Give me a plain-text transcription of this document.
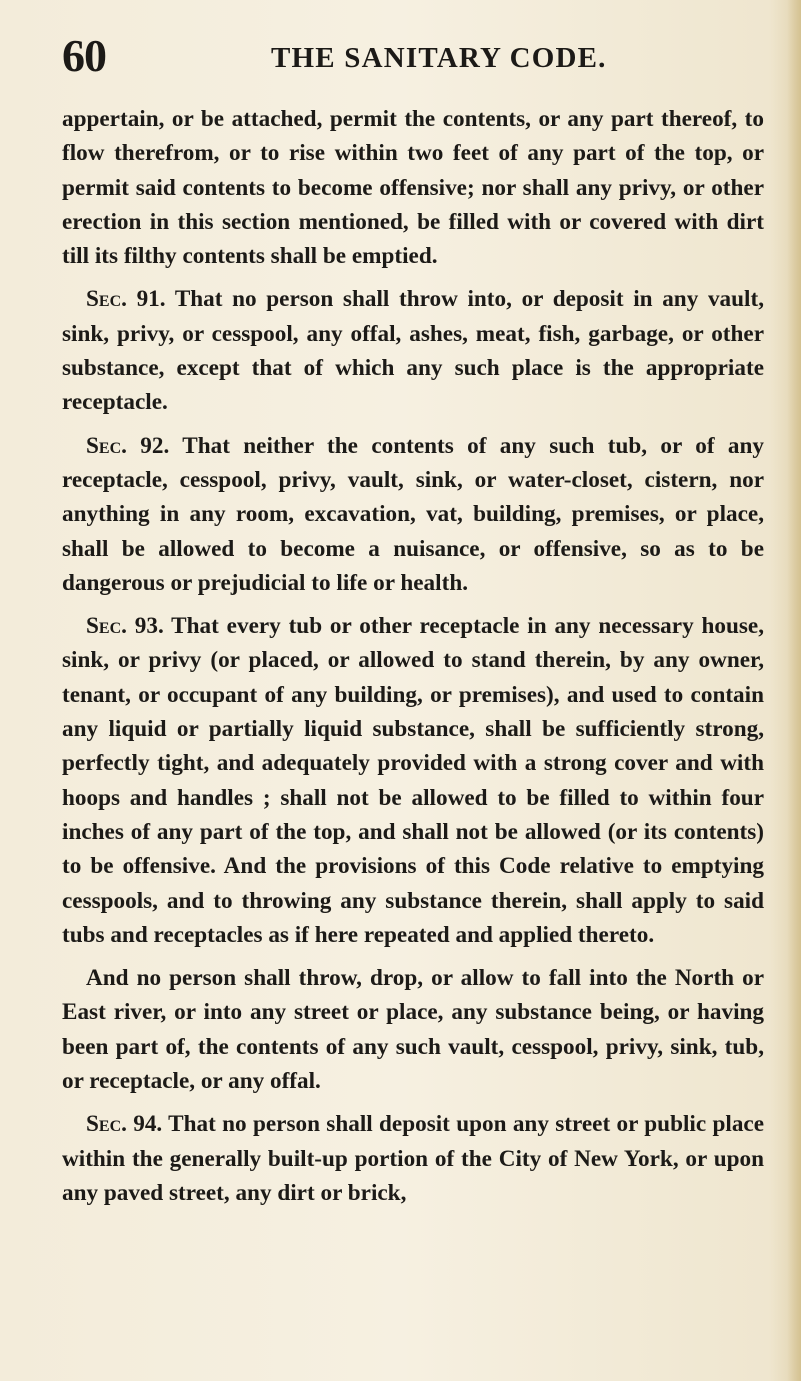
60	THE SANITARY CODE.

appertain, or be attached, permit the contents, or any part thereof, to flow therefrom, or to rise within two feet of any part of the top, or permit said contents to become offensive; nor shall any privy, or other erection in this section mentioned, be filled with or covered with dirt till its filthy contents shall be emptied.

Sec. 91. That no person shall throw into, or deposit in any vault, sink, privy, or cesspool, any offal, ashes, meat, fish, garbage, or other substance, except that of which any such place is the appropriate receptacle.

Sec. 92. That neither the contents of any such tub, or of any receptacle, cesspool, privy, vault, sink, or water-closet, cistern, nor anything in any room, excavation, vat, building, premises, or place, shall be allowed to become a nuisance, or offensive, so as to be dangerous or prejudicial to life or health.

Sec. 93. That every tub or other receptacle in any necessary house, sink, or privy (or placed, or allowed to stand therein, by any owner, tenant, or occupant of any building, or premises), and used to contain any liquid or partially liquid substance, shall be sufficiently strong, perfectly tight, and adequately provided with a strong cover and with hoops and handles ; shall not be allowed to be filled to within four inches of any part of the top, and shall not be allowed (or its contents) to be offensive. And the provisions of this Code relative to emptying cesspools, and to throwing any substance therein, shall apply to said tubs and receptacles as if here repeated and applied thereto.

And no person shall throw, drop, or allow to fall into the North or East river, or into any street or place, any substance being, or having been part of, the contents of any such vault, cesspool, privy, sink, tub, or receptacle, or any offal.

Sec. 94. That no person shall deposit upon any street or public place within the generally built-up portion of the City of New York, or upon any paved street, any dirt or brick,
